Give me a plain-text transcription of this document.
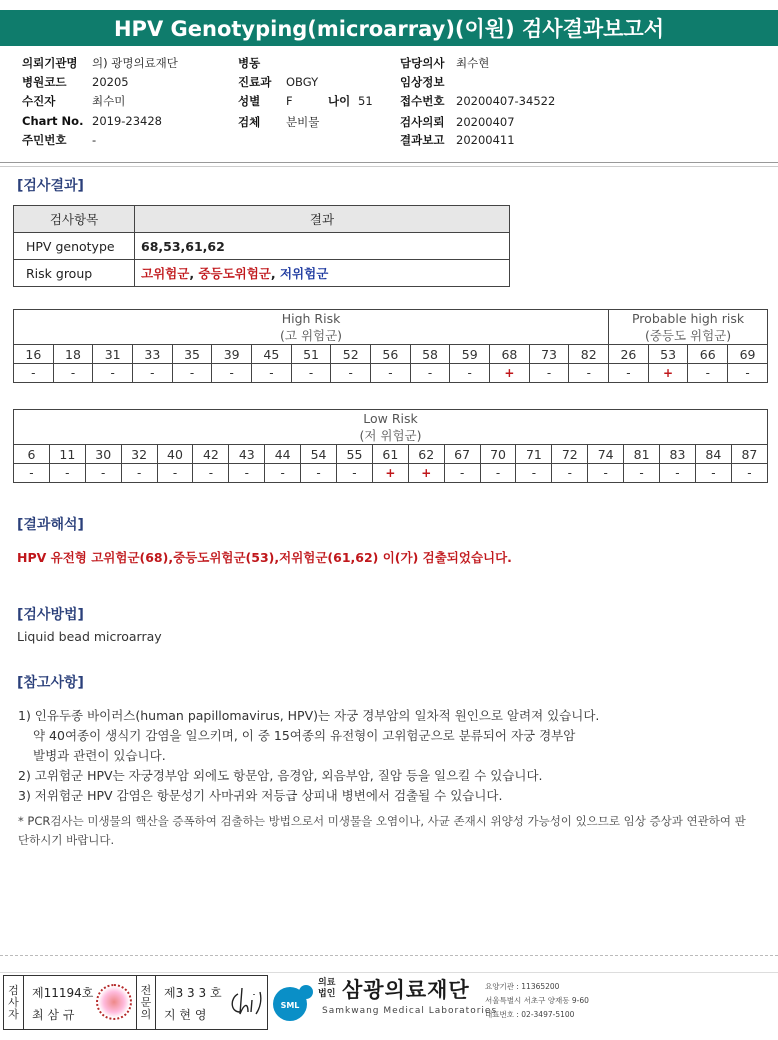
HPV Genotyping(microarray)(이원) 검사결과보고서
의뢰기관명 의) 광명의료재단
병원코드 20205
수진자	최수미
Chart No. 2019-23428
주민번호 -
병동
진료과 OBGY
성별 F	나이 51
검체 분비물
담당의사 최수현
임상정보
접수번호 20200407-34522
검사의뢰 20200407
결과보고 20200411
[검사결과]
검사항목	결과
HPV genotype	68,53,61,62
Risk group	고위험군, 중등도위험군, 저위험군
High Risk
(고 위험군)															Probable high risk
(중등도 위험군)			
16	18	31	33	35	39	45	51	52	56	58	59	68	73	82	26	53	66	69
-	-	-	-	-	-	-	-	-	-	-	-	+	-	-	-	+	-	-
Low Risk
(저 위험군)																				
6	11	30	32	40	42	43	44	54	55	61	62	67	70	71	72	74	81	83	84	87
-	-	-	-	-	-	-	-	-	-	+	+	-	-	-	-	-	-	-	-	-
[결과해석]
HPV 유전형 고위험군(68),중등도위험군(53),저위험군(61,62) 이(가) 검출되었습니다.
[검사방법]
Liquid bead microarray
[참고사항]
1) 인유두종 바이러스(human papillomavirus, HPV)는 자궁 경부암의 일차적 원인으로 알려져 있습니다.
약 40여종이 생식기 감염을 일으키며, 이 중 15여종의 유전형이 고위험군으로 분류되어 자궁 경부암
발병과 관련이 있습니다.
2) 고위험군 HPV는 자궁경부암 외에도 항문암, 음경암, 외음부암, 질암 등을 일으킬 수 있습니다.
3) 저위험군 HPV 감염은 항문성기 사마귀와 저등급 상피내 병변에서 검출될 수 있습니다.
* PCR검사는 미생물의 핵산을 증폭하여 검출하는 방법으로서 미생물을 오염이나, 사균 존재시 위양성 가능성이 있으므로 임상 증상과 연관하여 판단하시기 바랍니다.
검사자
제11194호
최 삼 규
전문의
제3 3 3 호
지 현 영
SML
의료
법인 삼광의료재단
Samkwang Medical Laboratories
요양기관 : 11365200
서울특별시 서초구 양재동 9-60
대표번호 : 02-3497-5100
